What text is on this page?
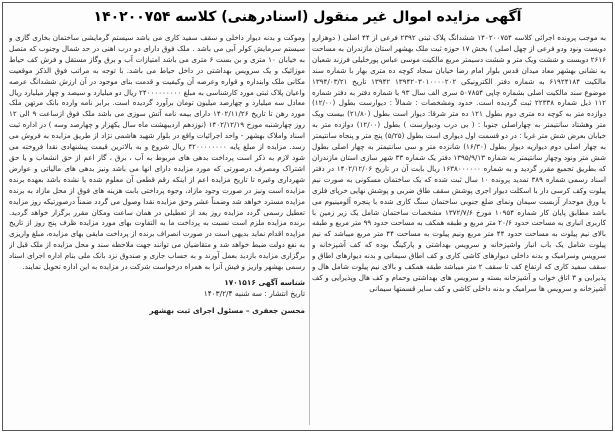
آگهی مزایده اموال غیر منقول (اسنادرهنی) کلاسه ۱۴۰۲۰۰۷۵۴

به موجب پرونده اجرائی کلاسه ۱۴۰۲۰۰۷۵۴ ششدانگ پلاک ثبتی ۲۳۹۲ فرعی از ۴۴ اصلی ( دوهزارو دویست ونود ودو فرعی از چهل اصلی ) بخش ۱۷ حوزه ثبت ملک بهشهر استان مازندران به مساحت ۲۶۱۶ دویست و ششت ویک متر و ششت دسیمتر مربع مالکیت موسی عباس پورخلیلی فرزند شعبان به نشانی بهشهر معاد میدان قدس بلوار امام رضا خیابان سجاد کوچه ده متری بهار با شماره سند مالکیت ۶۱۹۲۴۱۸۴ به شماره دفتر الکترونیکی ۱۳۹۴۲۰۳۰۱۰۰۰۰۲۰۲ ۱۳۹۴۲ تاریخ ۱۳۹۴/۰۳/۲۱ موضوع سند مالکیت اصلی بشماره چاپی ۵۰۷۸۵۴ سری الف سال ۹۳ با شماره دفتر به دفتر شماره ۱۱۲ ذیل شماره ۲۲۳۳۸ ثبت گردیده است. حدود ومشخصات : شمالاً : دیوارست بطول (۱۲/۰۰) دوازده متر به کوچه ده متری دوم بطول ۱۲۱ ده متر شرقا: دیوار است بطول (۲۱/۸۰) بیست ویک متر وهشتاد سانتیمتر به چهاراصلی جنوبا : ( بی درب ودیوارست ) بطول (۱۲/۰۰) دوازده متر به خیابان بعرض شش متر غربا : در دو قسمت اول دیواری است بطول (۵/۲۵) پنج متر و پنجاه سانتیمتر به چهار اصلی دوم دیواریه دیوار بطول (۱۶/۳۰) شانزده متر و سی سانتیمتر به چهار اصلی بطول شش متر ونود وچهار سانتیمتر به شماره ۱۳۹۵/۹/۱۳ دفتر یک شماره ۳۳ شهر سازی استان مازندران که بطریق تجمیع مقرر گردید و به شماره ۱۶۳۸۰۰۰۰۰۰ ریال بابت آن در تاریخ ۱۴۰۲/۱۲/۰۶ در دفتر اسناد رسمی شماره ۳۸۹ تمدید پرونده ۱۰ سال ثبت شده که یک ساختمان مسکونی به صورت نیم پیلوت وکف کرسی دار با اسکلت دیوار اجری پوشش سقف طاق ضربی و پوشش نهایی خرپای فلزی با ورق موجدار آزبست سیمان ونمای ضلع جنوبی ساختمان سنگ کاری شده با پنجره آلومینیوم می باشد مطابق پایان کار شماره ۱۰۹۵۴ مورخ ۱۳۷۲/۷/۶ مشخصات ساختمان شامل یک زیر زمین با کاربری انباری به مساحت حدود ۲۰/۶ متر مربع و طبقه همکف به مساحت حدود ۹۹ متر مربع و طبقه بالای نیم پیلوت به مساحت حدود ۴۴ متر مربع ونیم پیلوت به مساحت ۴۴ متر مربع میباشد که نیم پیلوت شامل یک باب انبار واشپزخانه و سرویس بهداشتی و پارکینگ بوده که کف آشپزخانه و سرویس وسرامیک و بدنه داخلی دیوارهای کاشی کاری و کف اطاق سیمانی و بدنه دیوارهای اطاق و سقف سفید کاری که ارتفاع کف تا سقف ۲ متر میباشد طبقه همکف و بالای نیم پیلوت شامل هال و پذیرایی و ۳ اتاق خواب و آشپزخانه بسته و سرویس های بهداشتی وحمام و کف هال وپذیرایی و کف آشپزخانه و سرویس ها سرامیک و بدنه داخلی کاشی و کف سایر قسمتها سیمانی

وموکت و بدنه دیوار داخلی و سقف سفید کاری می باشد سیستم گرمایشی ساختمان بخاری گازی و سیستم سرمایش کولر آبی می باشد . ملک فوق دارای دو درب اهنی در حد شمال وجنوب که متصل به خیابان ۱۰ متری و بن بست ۶ متری می باشد امتیازات آب و برق وگاز مستقل و فرش کف حیاط موزائیک و یک سرویس بهداشتی در داخل حیاط می باشد. با توجه به مراتب فوق الذکر موقعیت مکانی ملک وابنداره و قواره وعرصه آن وکیفیت و قدمت بنای موجود در آن ارزش ششدانگ عرصه واعیان پلاک ثبتی مورد کارشناسی به مبلغ ۲۴۰۰۰۰۰۰۰۰۰ ریال دو میلیارد و سیصد و چهار میلیارد ریال معادل سه میلیارد و چهارصد میلیون تومان برآورد گردیده است. برابر نامه وارده بانک مرتهن ملک مورد رهن تا تاریخ ۱۴۰۲/۱۱/۲۶ دارای بیمه نامه آتش سوزی می باشد ملک فوق ازساعت ۹ الی ۱۲ روز چهارشنبه مورخ ۱۴۰۲/۱۲/۱۹ (نوزدهم اردیبهشت ماه سال یکهزار و چهارصد وسه ) در اداره ثبت اسناد واملاک بهشهر - واحد اجرائیات واقع در بلوار شهید هاشمی نژاد از طریق مزایده به فروش می رسد. مزایده از مبلغ پایه ۴۲۰۰۰۰۰۰۰۰ ریال شروع و به بالاترین قیمت پیشنهادی نقدا فروخته می شود لازم به ذکر است پرداخت بدهی های مربوط به آب ، برق ، گاز اعم از حق انشعاب و یا حق اشتراک ومصرف درصورتی که مورد مزایده دارای انها می باشد ونیز بدهی های مالیاتی و عوارض شهرداری وغیره تا تاریخ مزایده اعم از اینکه رقم قطعی آن معلوم شده یا نشده باشد بعهده برنده مزایده است ونیز در صورت وجود مازاد، وجوه پرداختی بابت هزینه های فوق از محل مازاد به برنده مزایده مسترد خواهد شد وضمناً عشر وحق مزایده نقدا وصول می گردد ضمناً درصورتیکه روز مزایده تعطیل رسمی گردد مزایده روز بعد از تعطیلی در همان ساعت ومکان مقرر برگزار خواهد گردید. برنده مزایده ملزم است نسبت به پرداخت ما به التفاوت بهای مورد مزایده ظرف پنج روز از تاریخ مزایده اقدام نماید بدیهی است در صورت انصراف برنده از پرداخت مابقی بهای مزایده، مبلغ واریزی به نفع دولت ضبط خواهد شد و متقاضیان می توانند جهت ملاحظه سند و محل مزایده از ملک قبل از برگزاری مزایده بازدید بعمل آورند و به حساب جاری و صندوق نزد بانک ملی بنام اداره اجرای اسناد رسمی بهشهر واریز و فیش آنرا به همراه درخواست شرکت در مزایده به این اداره تحویل نمایند.

شناسه آگهی ۱۷۰۱۵۱۶
تاریخ انتشار : سه شنبه ۱۴۰۳/۲/۴
محسن جعفری – مسئول اجرای ثبت بهشهر
